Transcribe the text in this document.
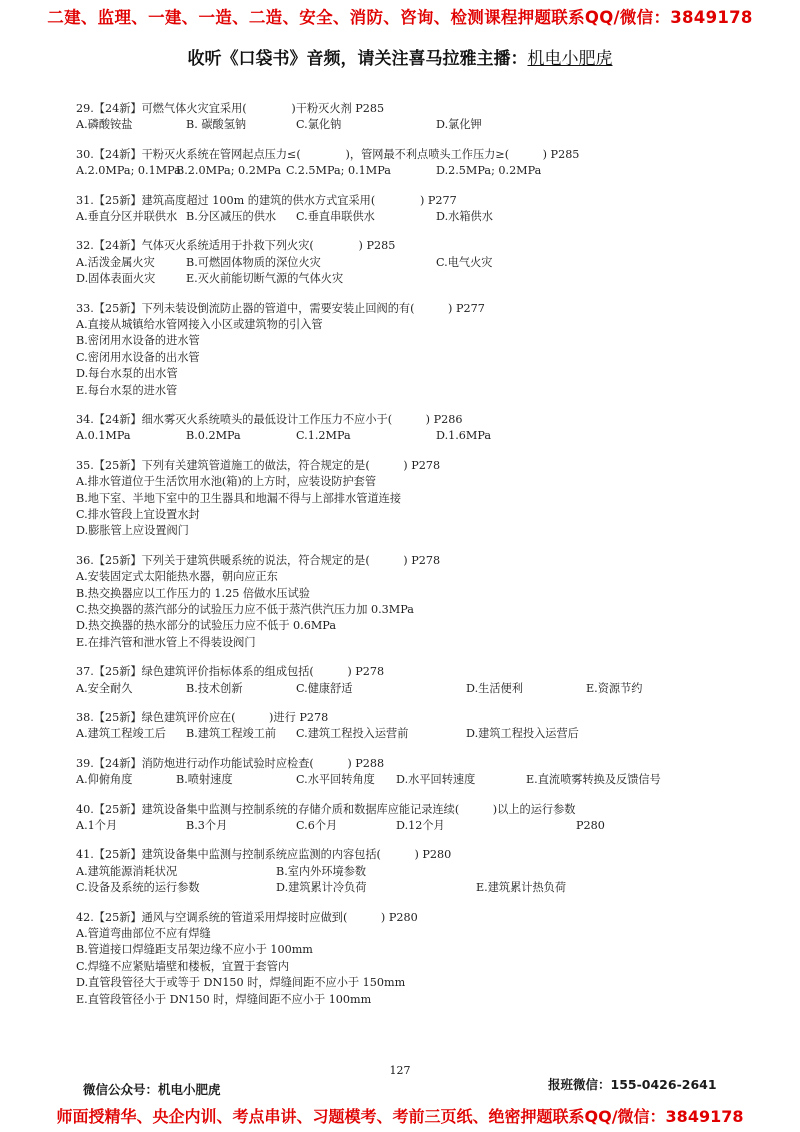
二建、监理、一建、一造、二造、安全、消防、咨询、检测课程押题联系QQ/微信：3849178
收听《口袋书》音频，请关注喜马拉雅主播：机电小肥虎
29.【24新】可燃气体火灾宜采用(　　　　)干粉灭火剂 P285
A.磷酸铵盐	B. 碳酸氢钠	C.氯化钠	D.氯化钾
30.【24新】干粉灭火系统在管网起点压力≤(　　　　)，管网最不利点喷头工作压力≥(　　　) P285
A.2.0MPa; 0.1MPa
B.2.0MPa; 0.2MPa C.2.5MPa; 0.1MPa	D.2.5MPa; 0.2MPa
31.【25新】建筑高度超过 100m 的建筑的供水方式宜采用(　　　　) P277
A.垂直分区并联供水 B.分区减压的供水 C.垂直串联供水	D.水箱供水
32.【24新】气体灭火系统适用于扑救下列火灾(　　　　) P285
A.活泼金属火灾	B.可燃固体物质的深位火灾	C.电气火灾
D.固体表面火灾	E.灭火前能切断气源的气体火灾
33.【25新】下列未装设倒流防止器的管道中，需要安装止回阀的有(　　　) P277
A.直接从城镇给水管网接入小区或建筑物的引入管
B.密闭用水设备的进水管
C.密闭用水设备的出水管
D.每台水泵的出水管
E.每台水泵的进水管
34.【24新】细水雾灭火系统喷头的最低设计工作压力不应小于(　　　) P286
A.0.1MPa	B.0.2MPa	C.1.2MPa	D.1.6MPa
35.【25新】下列有关建筑管道施工的做法，符合规定的是(　　　) P278
A.排水管道位于生活饮用水池(箱)的上方时，应装设防护套管
B.地下室、半地下室中的卫生器具和地漏不得与上部排水管道连接
C.排水管段上宜设置水封
D.膨胀管上应设置阀门
36.【25新】下列关于建筑供暖系统的说法，符合规定的是(　　　) P278
A.安装固定式太阳能热水器，朝向应正东
B.热交换器应以工作压力的 1.25 倍做水压试验
C.热交换器的蒸汽部分的试验压力应不低于蒸汽供汽压力加 0.3MPa
D.热交换器的热水部分的试验压力应不低于 0.6MPa
E.在排汽管和泄水管上不得装设阀门
37.【25新】绿色建筑评价指标体系的组成包括(　　　) P278
A.安全耐久	B.技术创新	C.健康舒适	D.生活便利	E.资源节约
38.【25新】绿色建筑评价应在(　　　)进行 P278
A.建筑工程竣工后 B.建筑工程竣工前 C.建筑工程投入运营前	D.建筑工程投入运营后
39.【24新】消防炮进行动作功能试验时应检查(　　　) P288
A.仰俯角度	B.喷射速度	C.水平回转角度 D.水平回转速度	E.直流喷雾转换及反馈信号
40.【25新】建筑设备集中监测与控制系统的存储介质和数据库应能记录连续(　　　)以上的运行参数
A.1个月	B.3个月	C.6个月	D.12个月	P280
41.【25新】建筑设备集中监测与控制系统应监测的内容包括(　　　) P280
A.建筑能源消耗状况	B.室内外环境参数
C.设备及系统的运行参数	D.建筑累计冷负荷	E.建筑累计热负荷
42.【25新】通风与空调系统的管道采用焊接时应做到(　　　) P280
A.管道弯曲部位不应有焊缝
B.管道接口焊缝距支吊架边缘不应小于 100mm
C.焊缝不应紧贴墙壁和楼板，宜置于套管内
D.直管段管径大于或等于 DN150 时，焊缝间距不应小于 150mm
E.直管段管径小于 DN150 时，焊缝间距不应小于 100mm
127
微信公众号：机电小肥虎	报班微信：155-0426-2641
师面授精华、央企内训、考点串讲、习题模考、考前三页纸、绝密押题联系QQ/微信：3849178
